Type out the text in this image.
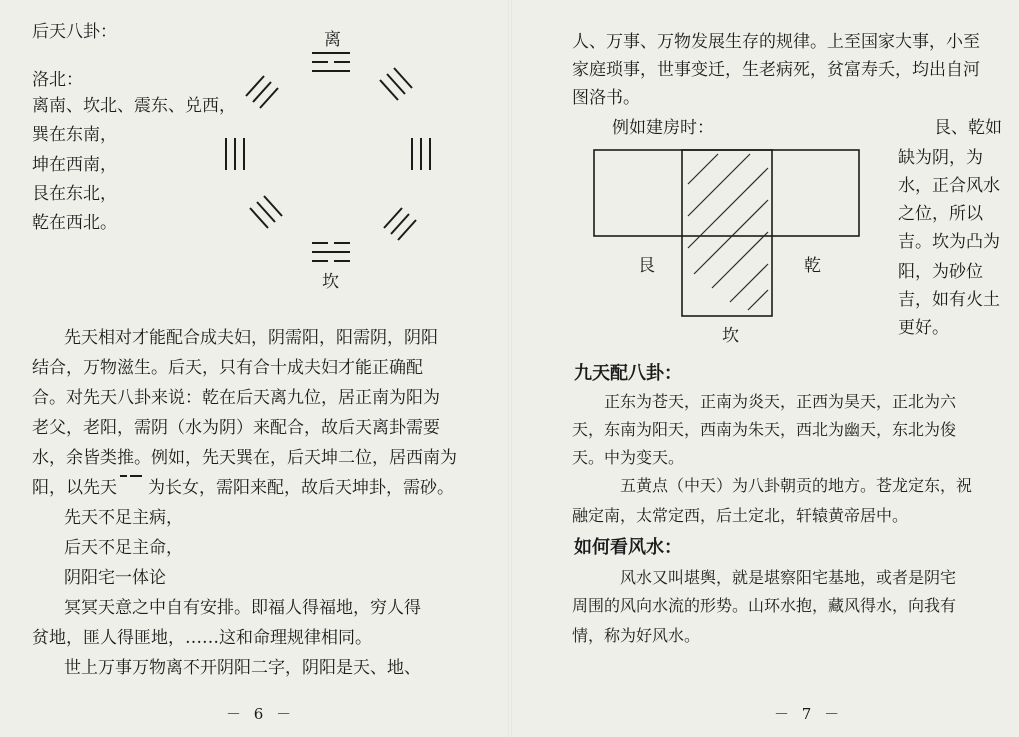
后天八卦：
洛北：
离南、坎北、震东、兑西，
巽在东南，
坤在西南，
艮在东北，
乾在西北。
离
坎
先天相对才能配合成夫妇，阴需阳，阳需阴，阴阳
结合，万物滋生。后天，只有合十成夫妇才能正确配
合。对先天八卦来说：乾在后天离九位，居正南为阳为
老父，老阳，需阴（水为阴）来配合，故后天离卦需要
水，余皆类推。例如，先天巽在，后天坤二位，居西南为
阳，以先天 为长女，需阳来配，故后天坤卦，需砂。
先天不足主病，
后天不足主命，
阴阳宅一体论
冥冥天意之中自有安排。即福人得福地，穷人得
贫地，匪人得匪地，……这和命理规律相同。
世上万事万物离不开阴阳二字，阴阳是天、地、
－ 6 －
人、万事、万物发展生存的规律。上至国家大事，小至
家庭琐事，世事变迁，生老病死，贫富寿夭，均出自河
图洛书。
例如建房时：	艮、乾如
缺为阴，为
水，正合风水
之位，所以
吉。坎为凸为
阳，为砂位
吉，如有火土
更好。
艮	乾
坎
九天配八卦：
正东为苍天，正南为炎天，正西为昊天，正北为六
天，东南为阳天，西南为朱天，西北为幽天，东北为俊
天。中为变天。
五黄点（中天）为八卦朝贡的地方。苍龙定东，祝
融定南，太常定西，后土定北，轩辕黄帝居中。
如何看风水：
风水又叫堪舆，就是堪察阳宅基地，或者是阴宅
周围的风向水流的形势。山环水抱，藏风得水，向我有
情，称为好风水。
－ 7 －
